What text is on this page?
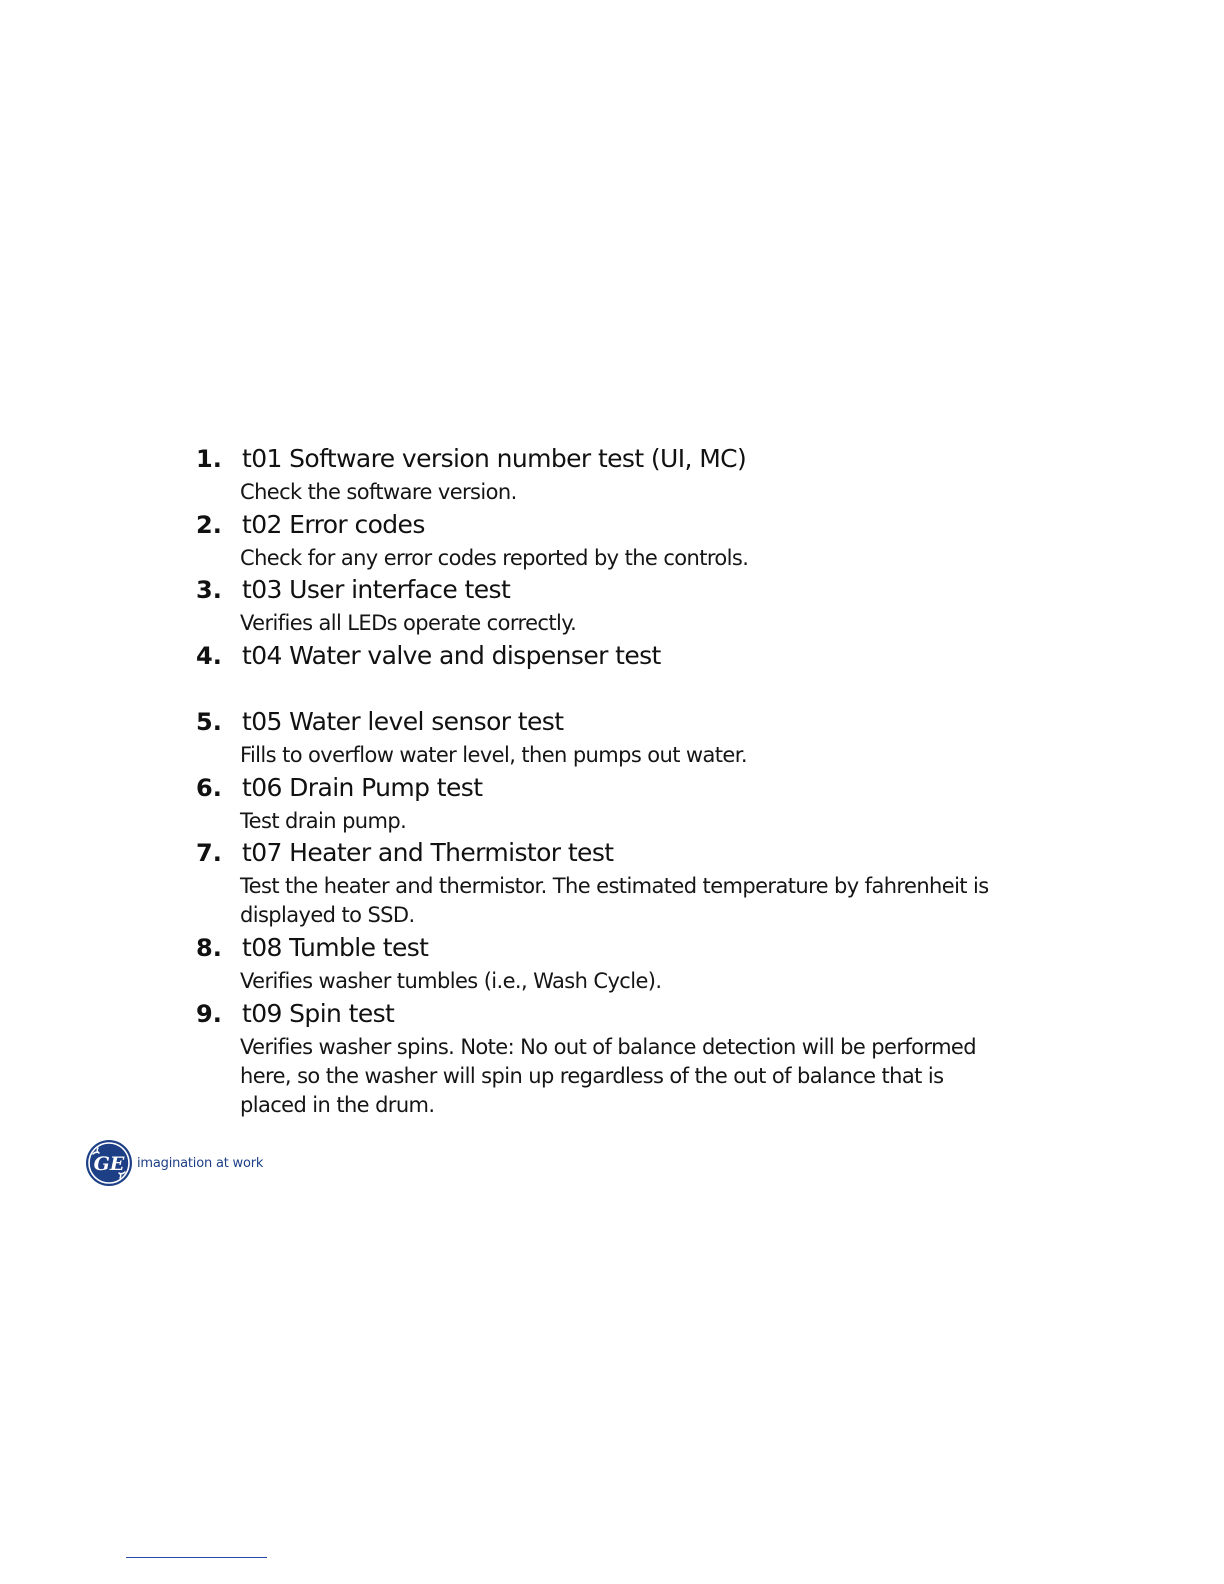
1. t01 Software version number test (UI, MC)
Check the software version.
2. t02 Error codes
Check for any error codes reported by the controls.
3. t03 User interface test
Verifies all LEDs operate correctly.
4. t04 Water valve and dispenser test
5. t05 Water level sensor test
Fills to overflow water level, then pumps out water.
6. t06 Drain Pump test
Test drain pump.
7. t07 Heater and Thermistor test
Test the heater and thermistor. The estimated temperature by fahrenheit is displayed to SSD.
8. t08 Tumble test
Verifies washer tumbles (i.e., Wash Cycle).
9. t09 Spin test
Verifies washer spins. Note: No out of balance detection will be performed here, so the washer will spin up regardless of the out of balance that is placed in the drum.
GE imagination at work
